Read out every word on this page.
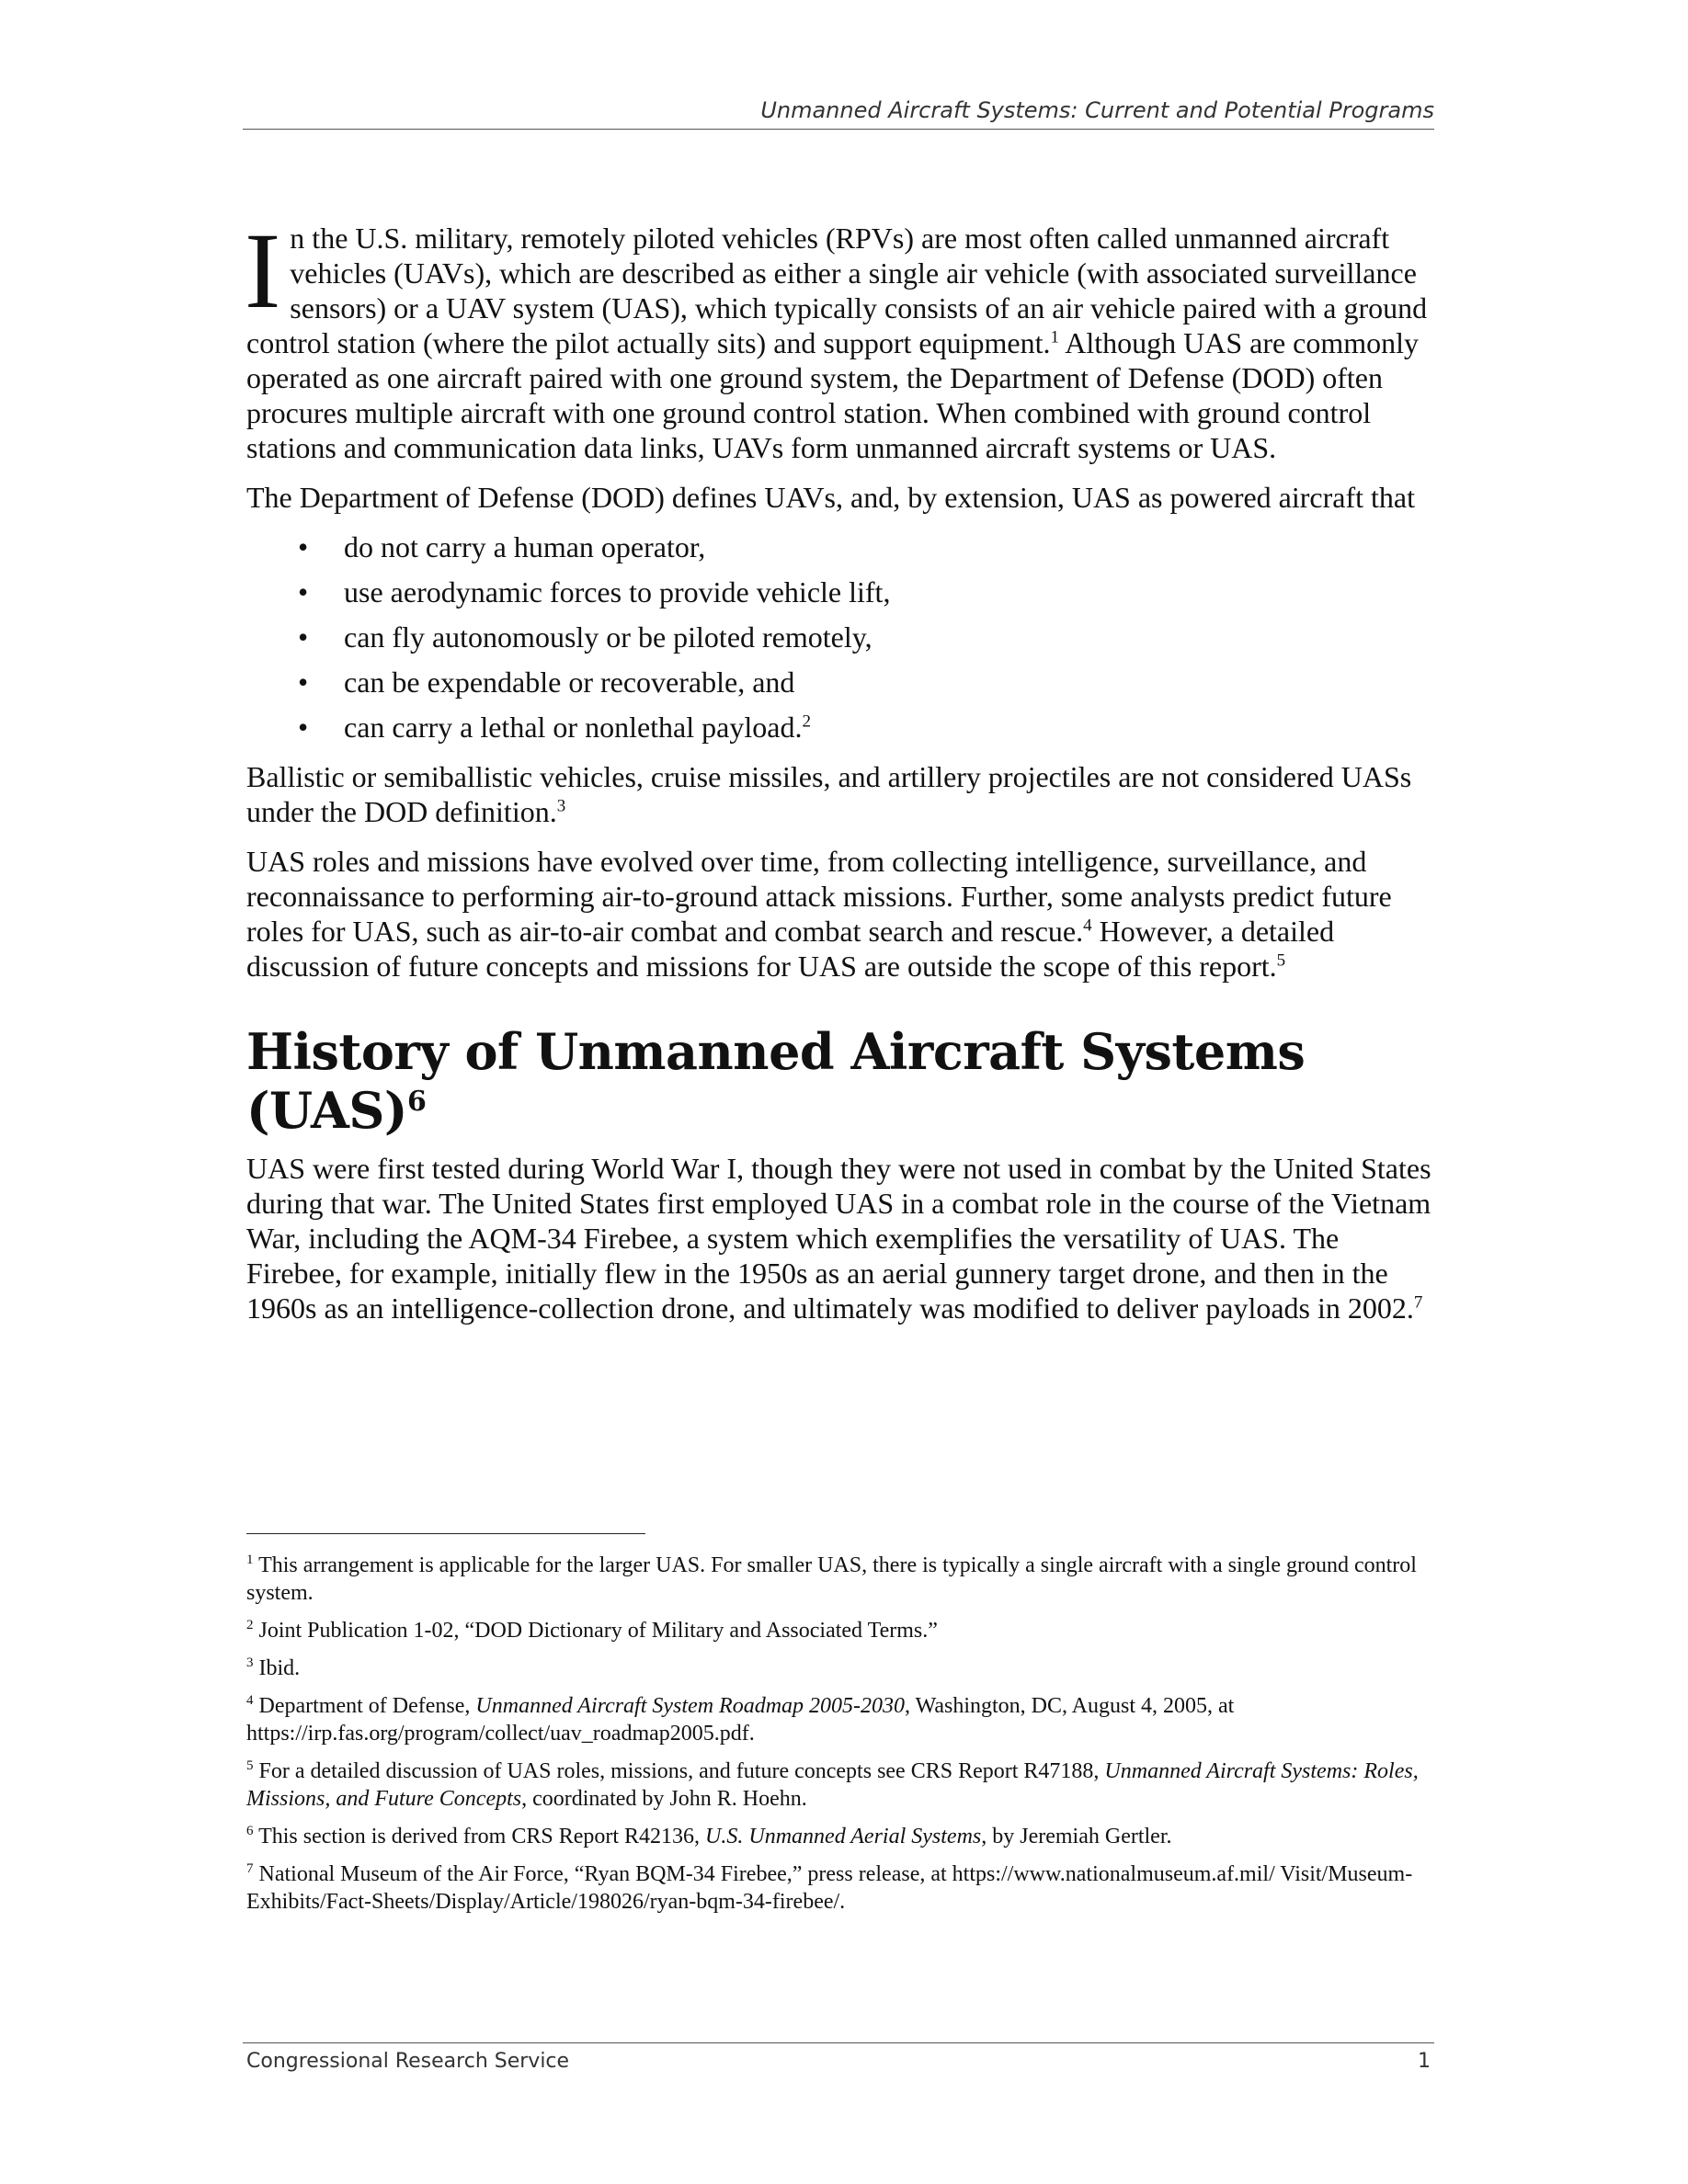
Unmanned Aircraft Systems: Current and Potential Programs

In the U.S. military, remotely piloted vehicles (RPVs) are most often called unmanned aircraft vehicles (UAVs), which are described as either a single air vehicle (with associated surveillance sensors) or a UAV system (UAS), which typically consists of an air vehicle paired with a ground control station (where the pilot actually sits) and support equipment.$^1$ Although UAS are commonly operated as one aircraft paired with one ground system, the Department of Defense (DOD) often procures multiple aircraft with one ground control station. When combined with ground control stations and communication data links, UAVs form unmanned aircraft systems or UAS.

The Department of Defense (DOD) defines UAVs, and, by extension, UAS as powered aircraft that

• do not carry a human operator,
• use aerodynamic forces to provide vehicle lift,
• can fly autonomously or be piloted remotely,
• can be expendable or recoverable, and
• can carry a lethal or nonlethal payload.$^2$

Ballistic or semiballistic vehicles, cruise missiles, and artillery projectiles are not considered UASs under the DOD definition.$^3$

UAS roles and missions have evolved over time, from collecting intelligence, surveillance, and reconnaissance to performing air-to-ground attack missions. Further, some analysts predict future roles for UAS, such as air-to-air combat and combat search and rescue.$^4$ However, a detailed discussion of future concepts and missions for UAS are outside the scope of this report.$^5$

History of Unmanned Aircraft Systems (UAS)$^6$

UAS were first tested during World War I, though they were not used in combat by the United States during that war. The United States first employed UAS in a combat role in the course of the Vietnam War, including the AQM-34 Firebee, a system which exemplifies the versatility of UAS. The Firebee, for example, initially flew in the 1950s as an aerial gunnery target drone, and then in the 1960s as an intelligence-collection drone, and ultimately was modified to deliver payloads in 2002.$^7$

$^1$ This arrangement is applicable for the larger UAS. For smaller UAS, there is typically a single aircraft with a single ground control system.

$^2$ Joint Publication 1-02, “DOD Dictionary of Military and Associated Terms.”

$^3$ Ibid.

$^4$ Department of Defense, Unmanned Aircraft System Roadmap 2005-2030, Washington, DC, August 4, 2005, at https://irp.fas.org/program/collect/uav_roadmap2005.pdf.

$^5$ For a detailed discussion of UAS roles, missions, and future concepts see CRS Report R47188, Unmanned Aircraft Systems: Roles, Missions, and Future Concepts, coordinated by John R. Hoehn.

$^6$ This section is derived from CRS Report R42136, U.S. Unmanned Aerial Systems, by Jeremiah Gertler.

$^7$ National Museum of the Air Force, “Ryan BQM-34 Firebee,” press release, at https://www.nationalmuseum.af.mil/ Visit/Museum-Exhibits/Fact-Sheets/Display/Article/198026/ryan-bqm-34-firebee/.

Congressional Research Service	1
